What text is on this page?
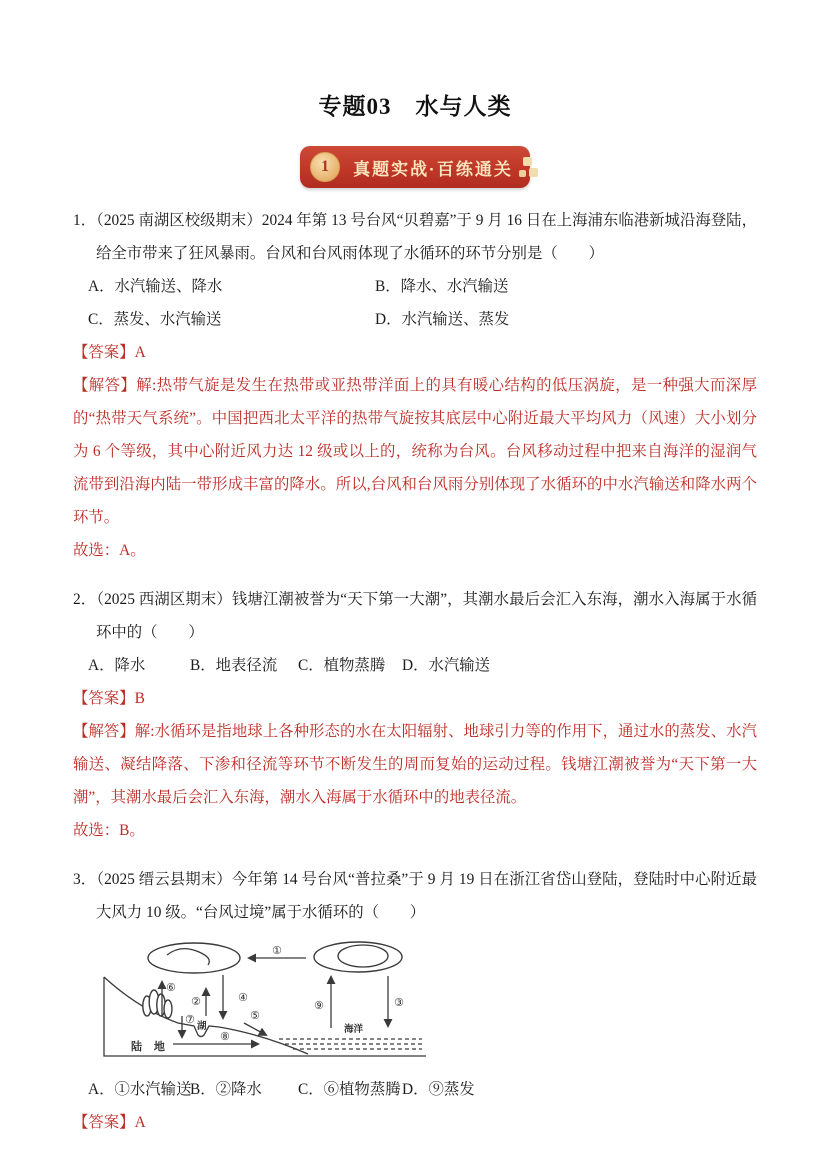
专题03　水与人类
1	真题实战·百练通关
1．（2025 南湖区校级期末）2024 年第 13 号台风“贝碧嘉”于 9 月 16 日在上海浦东临港新城沿海登陆，给全市带来了狂风暴雨。台风和台风雨体现了水循环的环节分别是（　　）
A．水汽输送、降水	B．降水、水汽输送
C．蒸发、水汽输送	D．水汽输送、蒸发
【答案】A
【解答】解:热带气旋是发生在热带或亚热带洋面上的具有暖心结构的低压涡旋，是一种强大而深厚的“热带天气系统”。中国把西北太平洋的热带气旋按其底层中心附近最大平均风力（风速）大小划分为 6 个等级，其中心附近风力达 12 级或以上的，统称为台风。台风移动过程中把来自海洋的湿润气流带到沿海内陆一带形成丰富的降水。所以,台风和台风雨分别体现了水循环的中水汽输送和降水两个环节。
故选：A。
2．（2025 西湖区期末）钱塘江潮被誉为“天下第一大潮”，其潮水最后会汇入东海，潮水入海属于水循环中的（　　）
A．降水	B．地表径流	C．植物蒸腾	D．水汽输送
【答案】B
【解答】解:水循环是指地球上各种形态的水在太阳辐射、地球引力等的作用下，通过水的蒸发、水汽输送、凝结降落、下渗和径流等环节不断发生的周而复始的运动过程。钱塘江潮被誉为“天下第一大潮”，其潮水最后会汇入东海，潮水入海属于水循环中的地表径流。
故选：B。
3．（2025 缙云县期末）今年第 14 号台风“普拉桑”于 9 月 19 日在浙江省岱山登陆，登陆时中心附近最大风力 10 级。“台风过境”属于水循环的（　　）
①
②	③
④
⑤
⑥
⑦
⑧
⑨
陆 地
海洋
湖
A．①水汽输送
B．②降水	C．⑥植物蒸腾 D．⑨蒸发
【答案】A
